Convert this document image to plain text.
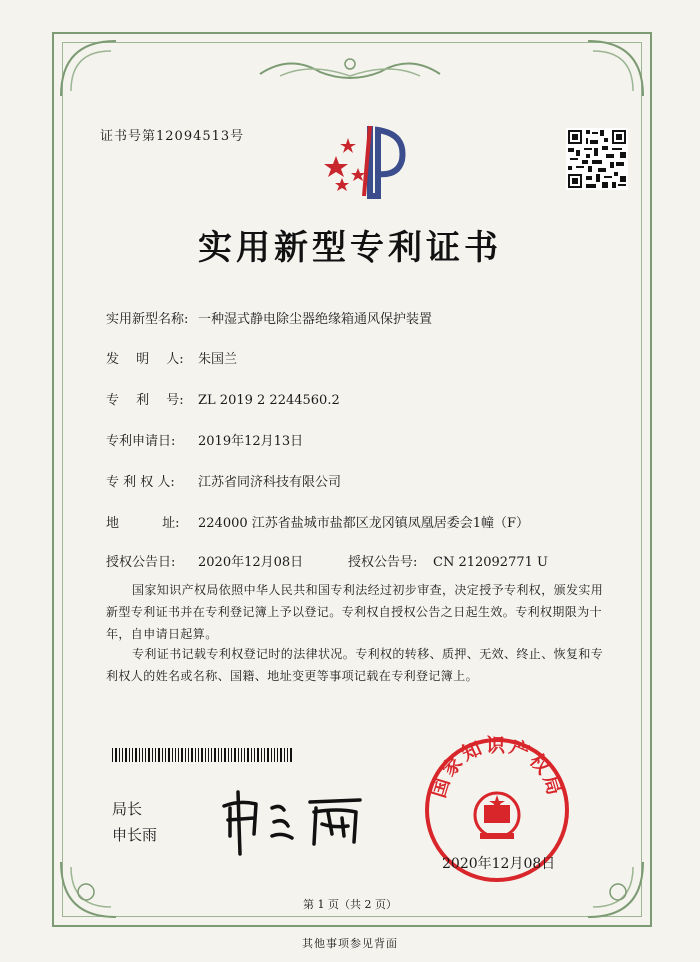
证书号第12094513号
实用新型专利证书
实用新型名称: 一种湿式静电除尘器绝缘箱通风保护装置
发　 明　 人: 朱国兰
专　 利　 号: ZL 2019 2 2244560.2
专利申请日: 2019年12月13日
专 利 权 人: 江苏省同济科技有限公司
地　　　 址: 224000 江苏省盐城市盐都区龙冈镇凤凰居委会1幢（F）
授权公告日: 2020年12月08日	授权公告号: CN 212092771 U
国家知识产权局依照中华人民共和国专利法经过初步审查，决定授予专利权，颁发实用新型专利证书并在专利登记簿上予以登记。专利权自授权公告之日起生效。专利权期限为十年，自申请日起算。
专利证书记载专利权登记时的法律状况。专利权的转移、质押、无效、终止、恢复和专利权人的姓名或名称、国籍、地址变更等事项记载在专利登记簿上。
局长
申长雨
国家知识产权局
2020年12月08日
第 1 页（共 2 页）
其他事项参见背面
